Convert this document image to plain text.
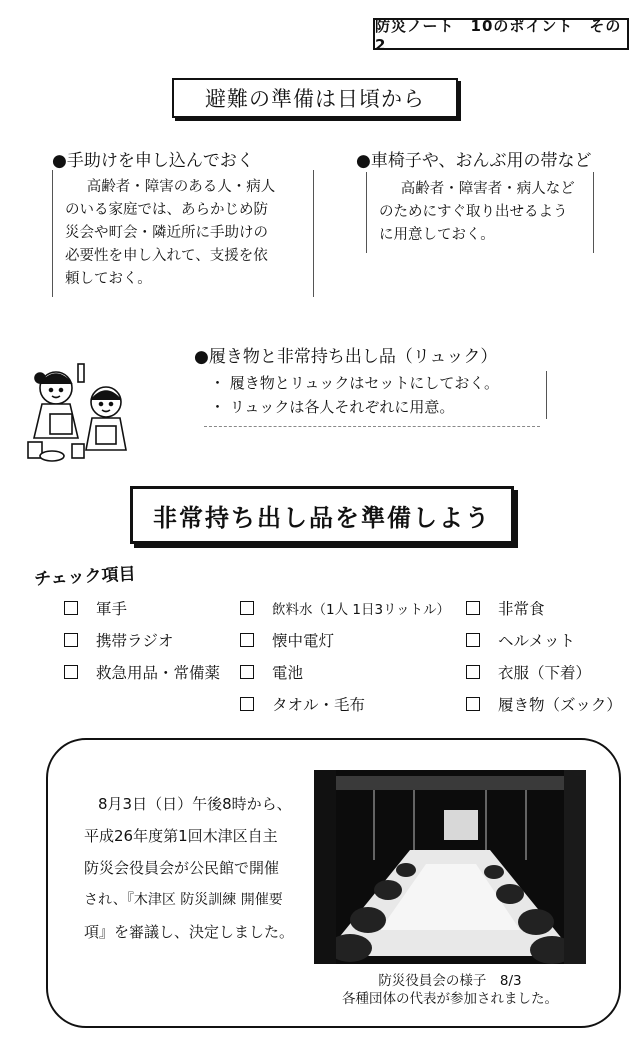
防災ノート　10のポイント　その2
避難の準備は日頃から
●手助けを申し込んでおく
高齢者・障害のある人・病人
のいる家庭では、あらかじめ防
災会や町会・隣近所に手助けの
必要性を申し入れて、支援を依
頼しておく。
●車椅子や、おんぶ用の帯など
高齢者・障害者・病人など
のためにすぐ取り出せるよう
に用意しておく。
●履き物と非常持ち出し品（リュック）
・ 履き物とリュックはセットにしておく。
・ リュックは各人それぞれに用意。
非常持ち出し品を準備しよう
チェック項目
軍手
携帯ラジオ
救急用品・常備薬
飲料水（1人 1日3リットル）
懐中電灯
電池
タオル・毛布
非常食
ヘルメット
衣服（下着）
履き物（ズック）
8月3日（日）午後8時から、
平成26年度第1回木津区自主
防災会役員会が公民館で開催
され、『木津区 防災訓練 開催要
項』を審議し、決定しました。
防災役員会の様子　8/3
各種団体の代表が参加されました。
